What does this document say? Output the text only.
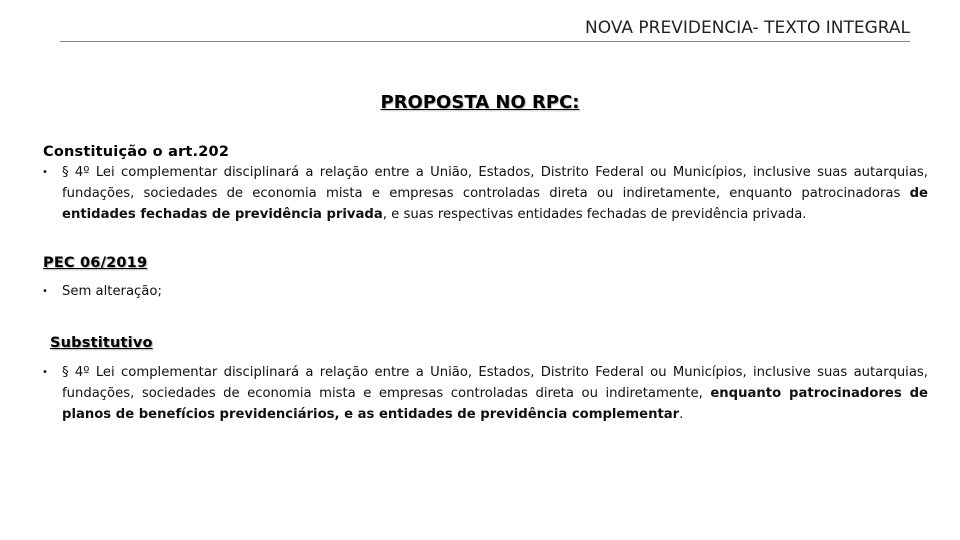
NOVA PREVIDENCIA- TEXTO INTEGRAL
PROPOSTA NO RPC:
Constituição o art.202
•	§ 4º Lei complementar disciplinará a relação entre a União, Estados, Distrito Federal ou Municípios, inclusive suas autarquias, fundações, sociedades de economia mista e empresas controladas direta ou indiretamente, enquanto patrocinadoras de entidades fechadas de previdência privada, e suas respectivas entidades fechadas de previdência privada.
PEC 06/2019
•	Sem alteração;
Substitutivo
•	§ 4º Lei complementar disciplinará a relação entre a União, Estados, Distrito Federal ou Municípios, inclusive suas autarquias, fundações, sociedades de economia mista e empresas controladas direta ou indiretamente, enquanto patrocinadores de planos de benefícios previdenciários, e as entidades de previdência complementar.
